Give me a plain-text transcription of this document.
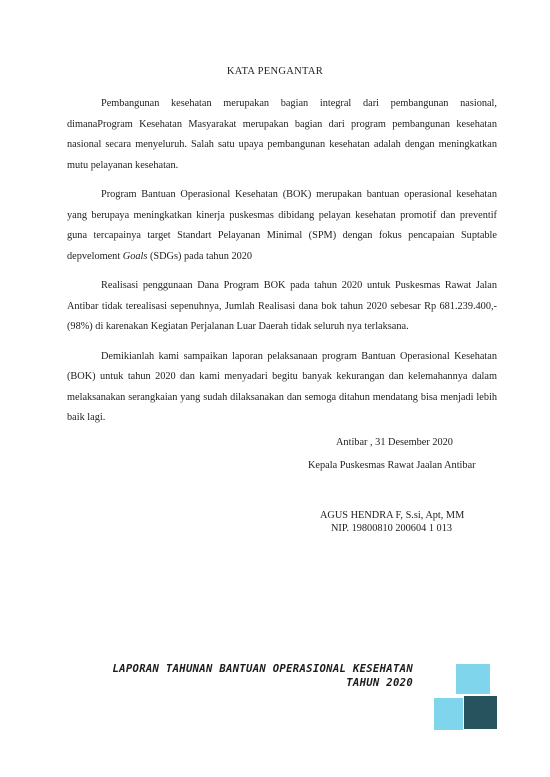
KATA PENGANTAR

Pembangunan kesehatan merupakan bagian integral dari pembangunan nasional, dimanaProgram Kesehatan Masyarakat merupakan bagian dari program pembangunan kesehatan nasional secara menyeluruh. Salah satu upaya pembangunan kesehatan adalah dengan meningkatkan mutu pelayanan kesehatan.

Program Bantuan Operasional Kesehatan (BOK) merupakan bantuan operasional kesehatan yang berupaya meningkatkan kinerja puskesmas dibidang pelayan kesehatan promotif dan preventif guna tercapainya target Standart Pelayanan Minimal (SPM) dengan fokus pencapaian Suptable depveloment Goals (SDGs) pada tahun 2020

Realisasi penggunaan Dana Program BOK pada tahun 2020 untuk Puskesmas Rawat Jalan Antibar tidak terealisasi sepenuhnya, Jumlah Realisasi dana bok tahun 2020 sebesar Rp 681.239.400,- (98%) di karenakan Kegiatan Perjalanan Luar Daerah tidak seluruh nya terlaksana.

Demikianlah kami sampaikan laporan pelaksanaan program Bantuan Operasional Kesehatan (BOK) untuk tahun 2020 dan kami menyadari begitu banyak kekurangan dan kelemahannya dalam melaksanakan serangkaian yang sudah dilaksanakan dan semoga ditahun mendatang bisa menjadi lebih baik lagi.

Antibar , 31 Desember 2020
Kepala Puskesmas Rawat Jaalan Antibar
AGUS HENDRA F, S.si, Apt, MM
NIP. 19800810 200604 1 013
LAPORAN TAHUNAN BANTUAN OPERASIONAL KESEHATAN
TAHUN 2020
